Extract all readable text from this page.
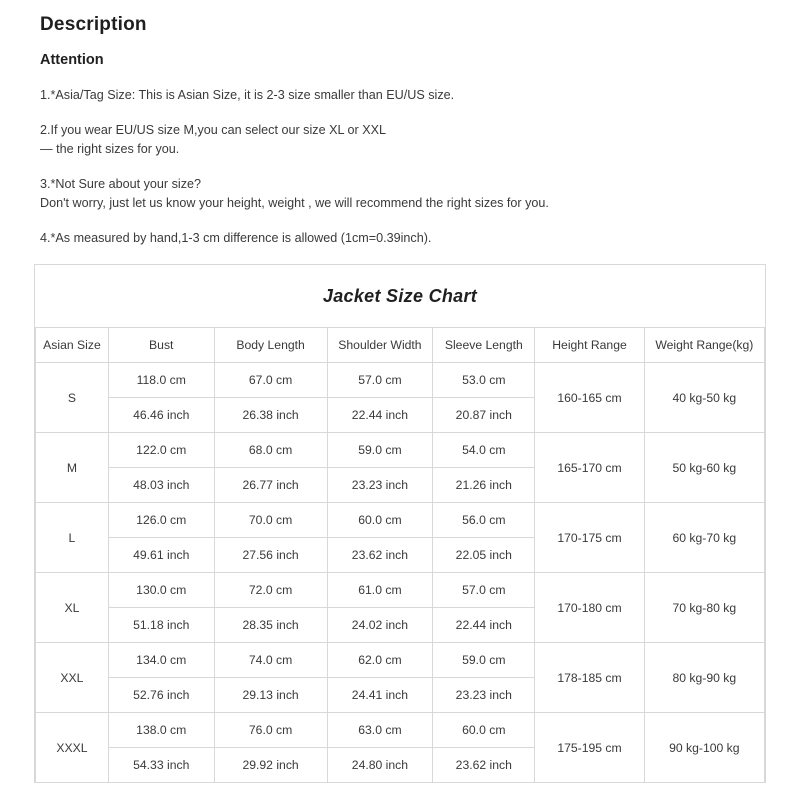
Description
Attention
1.*Asia/Tag Size: This is Asian Size, it is 2-3 size smaller than EU/US size.
2.If you wear EU/US size M,you can select our size XL or XXL
— the right sizes for you.
3.*Not Sure about your size?
Don't worry, just let us know your height, weight , we will recommend the right sizes for you.
4.*As measured by hand,1-3 cm difference is allowed (1cm=0.39inch).
Jacket Size Chart						
Asian Size	Bust	Body Length	Shoulder Width	Sleeve Length	Height Range	Weight Range(kg)
S	118.0 cm	67.0 cm	57.0 cm	53.0 cm	160-165 cm	40 kg-50 kg
	46.46 inch	26.38 inch	22.44 inch	20.87 inch		
M	122.0 cm	68.0 cm	59.0 cm	54.0 cm	165-170 cm	50 kg-60 kg
	48.03 inch	26.77 inch	23.23 inch	21.26 inch		
L	126.0 cm	70.0 cm	60.0 cm	56.0 cm	170-175 cm	60 kg-70 kg
	49.61 inch	27.56 inch	23.62 inch	22.05 inch		
XL	130.0 cm	72.0 cm	61.0 cm	57.0 cm	170-180 cm	70 kg-80 kg
	51.18 inch	28.35 inch	24.02 inch	22.44 inch		
XXL	134.0 cm	74.0 cm	62.0 cm	59.0 cm	178-185 cm	80 kg-90 kg
	52.76 inch	29.13 inch	24.41 inch	23.23 inch		
XXXL	138.0 cm	76.0 cm	63.0 cm	60.0 cm	175-195 cm	90 kg-100 kg
	54.33 inch	29.92 inch	24.80 inch	23.62 inch		
